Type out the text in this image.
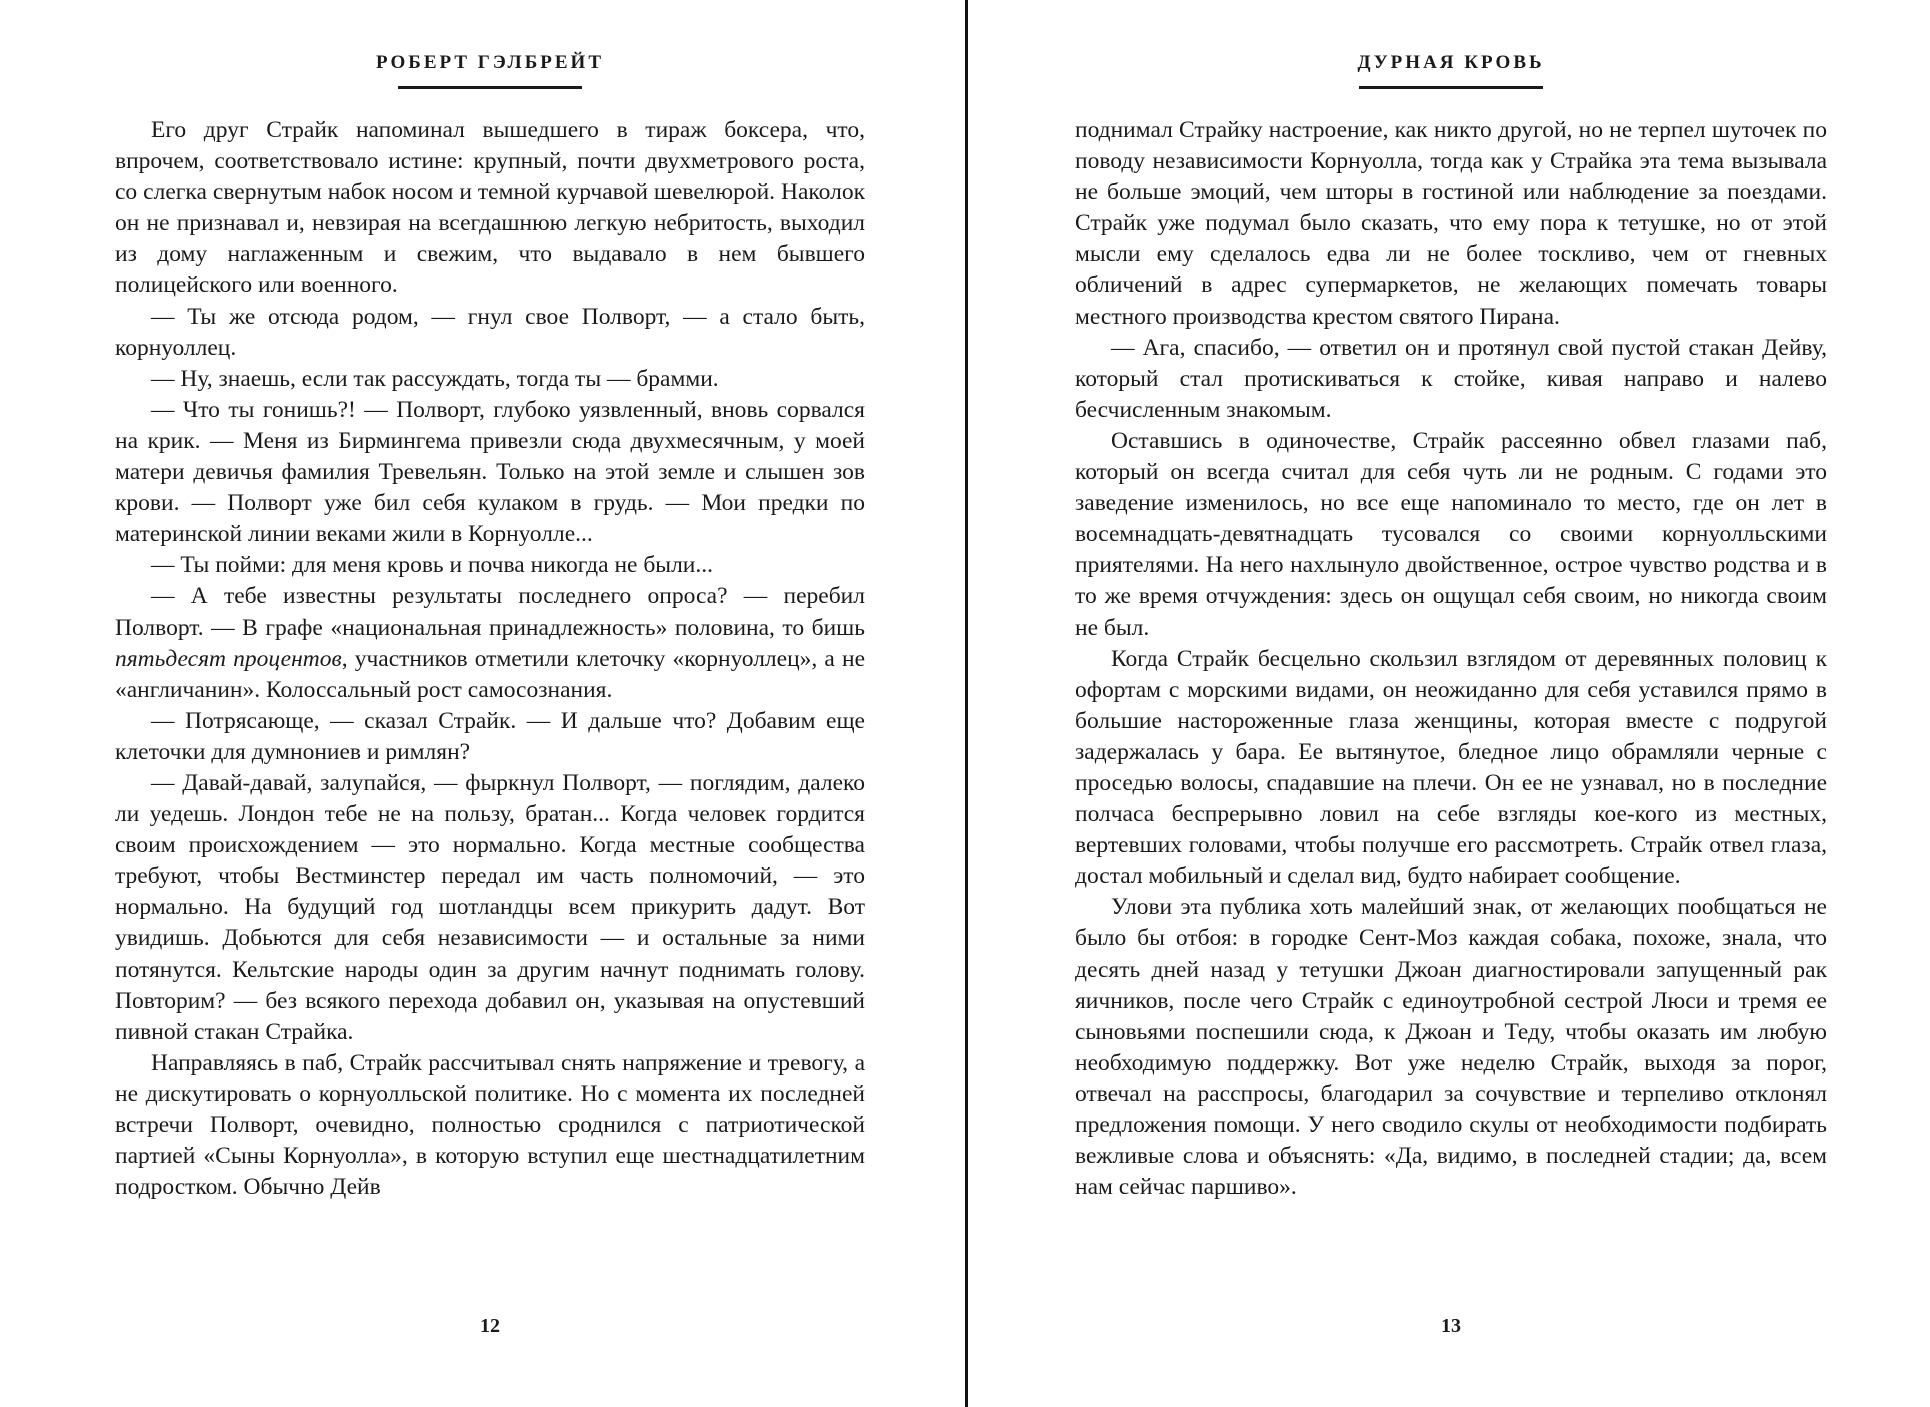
РОБЕРТ ГЭЛБРЕЙТ

Его друг Страйк напоминал вышедшего в тираж боксера, что, впрочем, соответствовало истине: крупный, почти двухметрового роста, со слегка свернутым набок носом и темной курчавой шевелюрой. Наколок он не признавал и, невзирая на всегдашнюю легкую небритость, выходил из дому наглаженным и свежим, что выдавало в нем бывшего полицейского или военного.

— Ты же отсюда родом, — гнул свое Полворт, — а стало быть, корнуоллец.

— Ну, знаешь, если так рассуждать, тогда ты — брамми.

— Что ты гонишь?! — Полворт, глубоко уязвленный, вновь сорвался на крик. — Меня из Бирмингема привезли сюда двухмесячным, у моей матери девичья фамилия Тревельян. Только на этой земле и слышен зов крови. — Полворт уже бил себя кулаком в грудь. — Мои предки по материнской линии веками жили в Корнуолле...

— Ты пойми: для меня кровь и почва никогда не были...

— А тебе известны результаты последнего опроса? — перебил Полворт. — В графе «национальная принадлежность» половина, то бишь пятьдесят процентов, участников отметили клеточку «корнуоллец», а не «англичанин». Колоссальный рост самосознания.

— Потрясающе, — сказал Страйк. — И дальше что? Добавим еще клеточки для думнониев и римлян?

— Давай-давай, залупайся, — фыркнул Полворт, — поглядим, далеко ли уедешь. Лондон тебе не на пользу, братан... Когда человек гордится своим происхождением — это нормально. Когда местные сообщества требуют, чтобы Вестминстер передал им часть полномочий, — это нормально. На будущий год шотландцы всем прикурить дадут. Вот увидишь. Добьются для себя независимости — и остальные за ними потянутся. Кельтские народы один за другим начнут поднимать голову. Повторим? — без всякого перехода добавил он, указывая на опустевший пивной стакан Страйка.

Направляясь в паб, Страйк рассчитывал снять напряжение и тревогу, а не дискутировать о корнуолльской политике. Но с момента их последней встречи Полворт, очевидно, полностью сроднился с патриотической партией «Сыны Корнуолла», в которую вступил еще шестнадцатилетним подростком. Обычно Дейв

12
ДУРНАЯ КРОВЬ

поднимал Страйку настроение, как никто другой, но не терпел шуточек по поводу независимости Корнуолла, тогда как у Страйка эта тема вызывала не больше эмоций, чем шторы в гостиной или наблюдение за поездами. Страйк уже подумал было сказать, что ему пора к тетушке, но от этой мысли ему сделалось едва ли не более тоскливо, чем от гневных обличений в адрес супермаркетов, не желающих помечать товары местного производства крестом святого Пирана.

— Ага, спасибо, — ответил он и протянул свой пустой стакан Дейву, который стал протискиваться к стойке, кивая направо и налево бесчисленным знакомым.

Оставшись в одиночестве, Страйк рассеянно обвел глазами паб, который он всегда считал для себя чуть ли не родным. С годами это заведение изменилось, но все еще напоминало то место, где он лет в восемнадцать-девятнадцать тусовался со своими корнуолльскими приятелями. На него нахлынуло двойственное, острое чувство родства и в то же время отчуждения: здесь он ощущал себя своим, но никогда своим не был.

Когда Страйк бесцельно скользил взглядом от деревянных половиц к офортам с морскими видами, он неожиданно для себя уставился прямо в большие настороженные глаза женщины, которая вместе с подругой задержалась у бара. Ее вытянутое, бледное лицо обрамляли черные с проседью волосы, спадавшие на плечи. Он ее не узнавал, но в последние полчаса беспрерывно ловил на себе взгляды кое-кого из местных, вертевших головами, чтобы получше его рассмотреть. Страйк отвел глаза, достал мобильный и сделал вид, будто набирает сообщение.

Улови эта публика хоть малейший знак, от желающих пообщаться не было бы отбоя: в городке Сент-Моз каждая собака, похоже, знала, что десять дней назад у тетушки Джоан диагностировали запущенный рак яичников, после чего Страйк с единоутробной сестрой Люси и тремя ее сыновьями поспешили сюда, к Джоан и Теду, чтобы оказать им любую необходимую поддержку. Вот уже неделю Страйк, выходя за порог, отвечал на расспросы, благодарил за сочувствие и терпеливо отклонял предложения помощи. У него сводило скулы от необходимости подбирать вежливые слова и объяснять: «Да, видимо, в последней стадии; да, всем нам сейчас паршиво».

13
